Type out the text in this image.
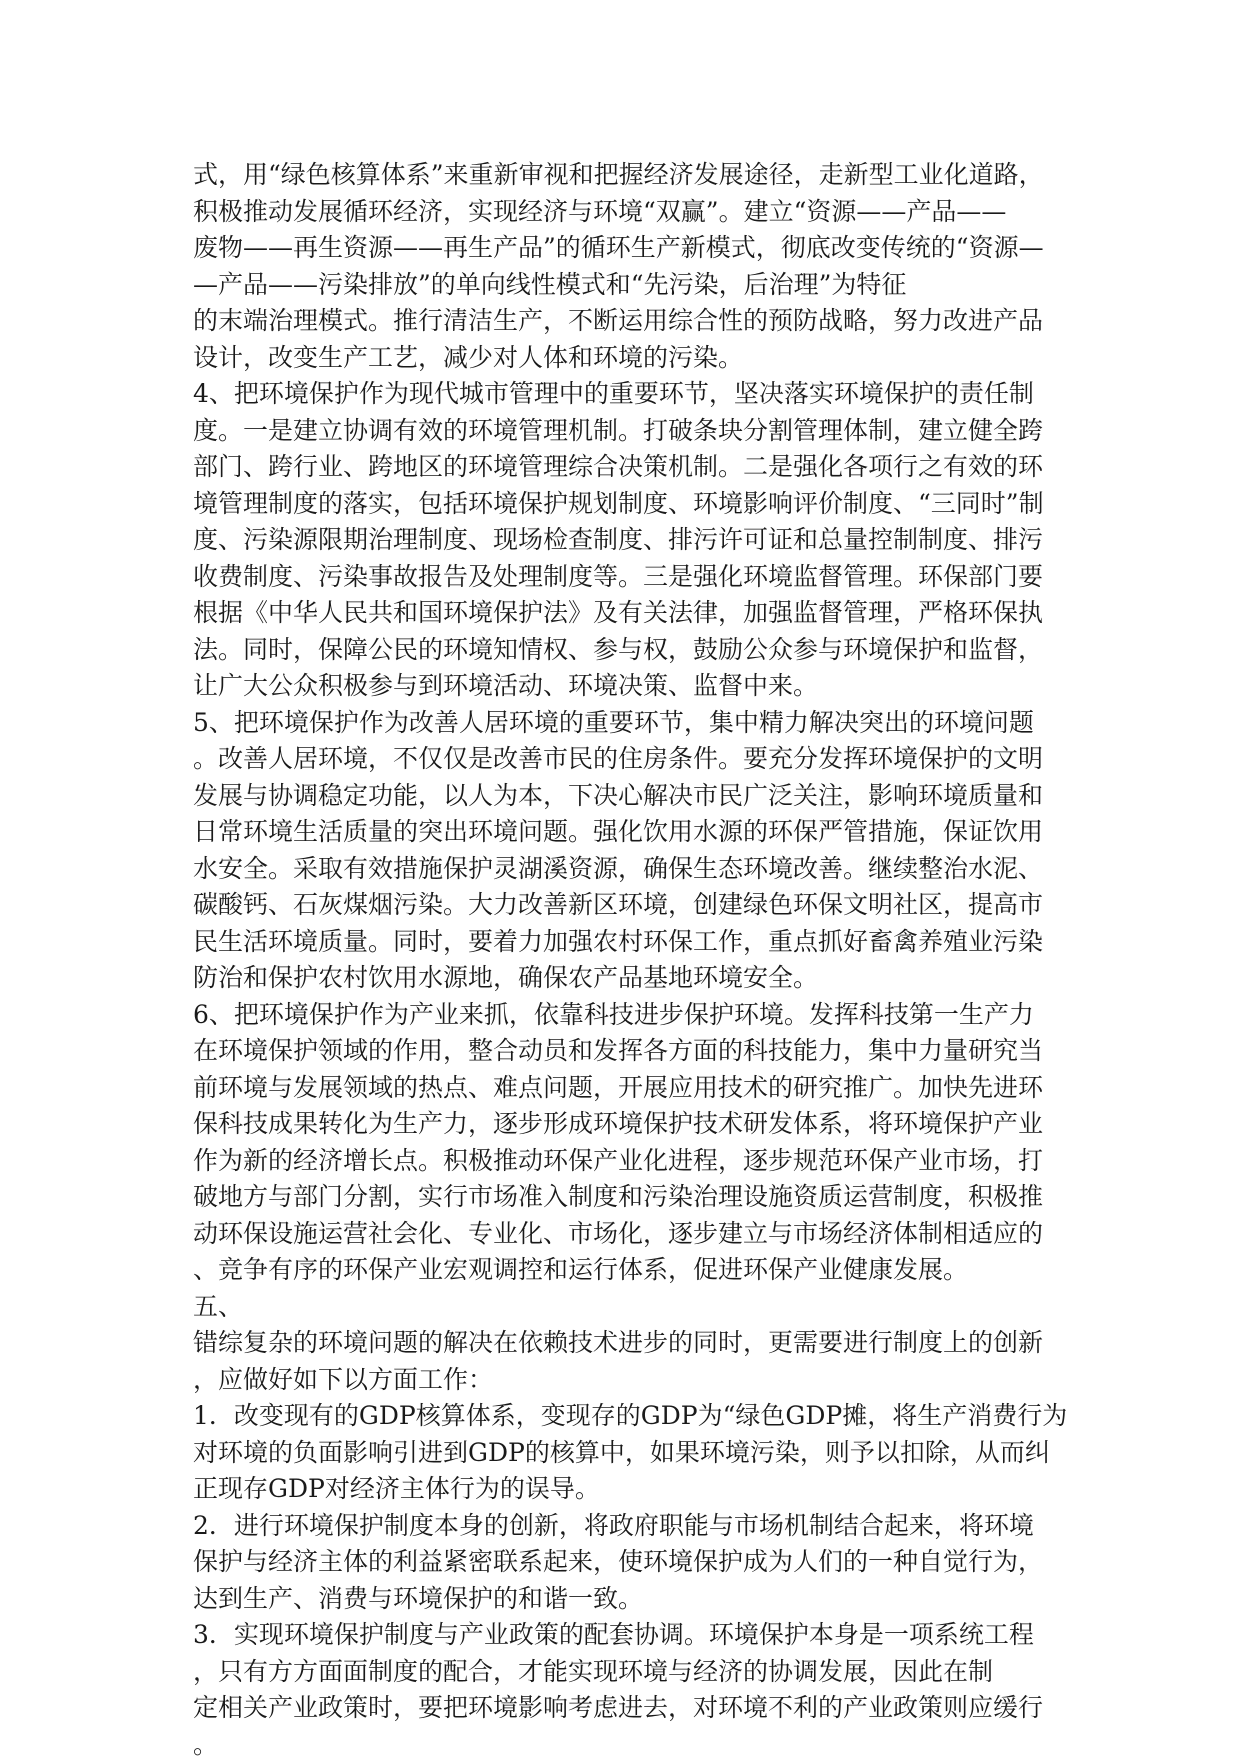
式，用“绿色核算体系”来重新审视和把握经济发展途径，走新型工业化道路，
积极推动发展循环经济，实现经济与环境“双赢”。建立“资源——产品——
废物——再生资源——再生产品”的循环生产新模式，彻底改变传统的“资源—
—产品——污染排放”的单向线性模式和“先污染，后治理”为特征
的末端治理模式。推行清洁生产，不断运用综合性的预防战略，努力改进产品
设计，改变生产工艺，减少对人体和环境的污染。
4、把环境保护作为现代城市管理中的重要环节，坚决落实环境保护的责任制
度。一是建立协调有效的环境管理机制。打破条块分割管理体制，建立健全跨
部门、跨行业、跨地区的环境管理综合决策机制。二是强化各项行之有效的环
境管理制度的落实，包括环境保护规划制度、环境影响评价制度、“三同时”制
度、污染源限期治理制度、现场检查制度、排污许可证和总量控制制度、排污
收费制度、污染事故报告及处理制度等。三是强化环境监督管理。环保部门要
根据《中华人民共和国环境保护法》及有关法律，加强监督管理，严格环保执
法。同时，保障公民的环境知情权、参与权，鼓励公众参与环境保护和监督，
让广大公众积极参与到环境活动、环境决策、监督中来。
5、把环境保护作为改善人居环境的重要环节，集中精力解决突出的环境问题
。改善人居环境，不仅仅是改善市民的住房条件。要充分发挥环境保护的文明
发展与协调稳定功能，以人为本，下决心解决市民广泛关注，影响环境质量和
日常环境生活质量的突出环境问题。强化饮用水源的环保严管措施，保证饮用
水安全。采取有效措施保护灵湖溪资源，确保生态环境改善。继续整治水泥、
碳酸钙、石灰煤烟污染。大力改善新区环境，创建绿色环保文明社区，提高市
民生活环境质量。同时，要着力加强农村环保工作，重点抓好畜禽养殖业污染
防治和保护农村饮用水源地，确保农产品基地环境安全。
6、把环境保护作为产业来抓，依靠科技进步保护环境。发挥科技第一生产力
在环境保护领域的作用，整合动员和发挥各方面的科技能力，集中力量研究当
前环境与发展领域的热点、难点问题，开展应用技术的研究推广。加快先进环
保科技成果转化为生产力，逐步形成环境保护技术研发体系，将环境保护产业
作为新的经济增长点。积极推动环保产业化进程，逐步规范环保产业市场，打
破地方与部门分割，实行市场准入制度和污染治理设施资质运营制度，积极推
动环保设施运营社会化、专业化、市场化，逐步建立与市场经济体制相适应的
、竞争有序的环保产业宏观调控和运行体系，促进环保产业健康发展。
五、
错综复杂的环境问题的解决在依赖技术进步的同时，更需要进行制度上的创新
，应做好如下以方面工作：
1．改变现有的GDP核算体系，变现存的GDP为“绿色GDP摊，将生产消费行为
对环境的负面影响引进到GDP的核算中，如果环境污染，则予以扣除，从而纠
正现存GDP对经济主体行为的误导。
2．进行环境保护制度本身的创新，将政府职能与市场机制结合起来，将环境
保护与经济主体的利益紧密联系起来，使环境保护成为人们的一种自觉行为，
达到生产、消费与环境保护的和谐一致。
3．实现环境保护制度与产业政策的配套协调。环境保护本身是一项系统工程
，只有方方面面制度的配合，才能实现环境与经济的协调发展，因此在制
定相关产业政策时，要把环境影响考虑进去，对环境不利的产业政策则应缓行
。
